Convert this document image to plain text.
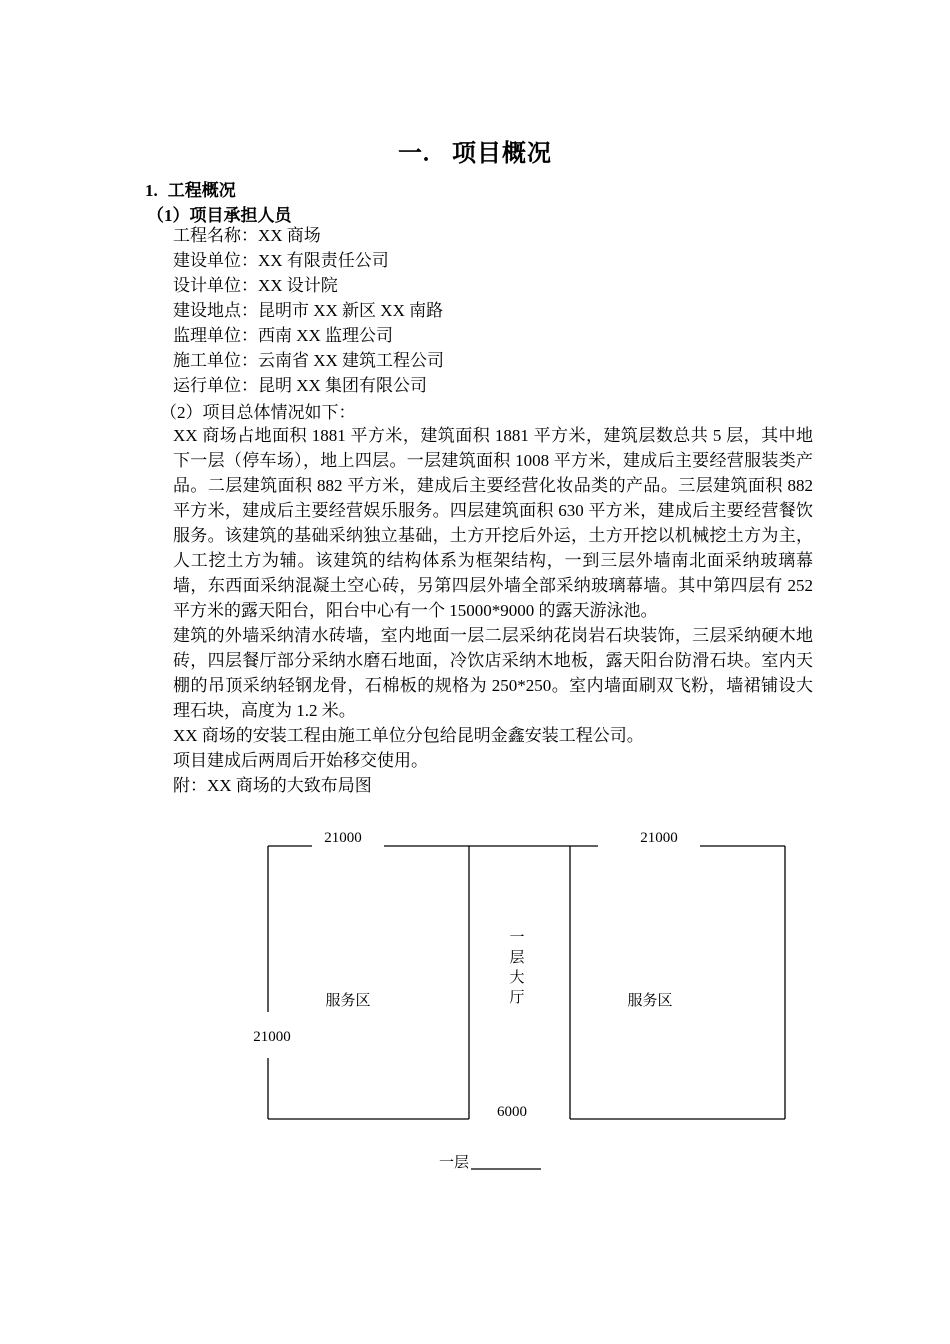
一. 项目概况
1. 工程概况
（1）项目承担人员
工程名称：XX 商场
建设单位：XX 有限责任公司
设计单位：XX 设计院
建设地点：昆明市 XX 新区 XX 南路
监理单位：西南 XX 监理公司
施工单位：云南省 XX 建筑工程公司
运行单位：昆明 XX 集团有限公司
（2）项目总体情况如下：

XX 商场占地面积 1881 平方米，建筑面积 1881 平方米，建筑层数总共 5 层，其中地下一层（停车场），地上四层。一层建筑面积 1008 平方米，建成后主要经营服装类产品。二层建筑面积 882 平方米，建成后主要经营化妆品类的产品。三层建筑面积 882 平方米，建成后主要经营娱乐服务。四层建筑面积 630 平方米，建成后主要经营餐饮服务。该建筑的基础采纳独立基础，土方开挖后外运，土方开挖以机械挖土方为主，人工挖土方为辅。该建筑的结构体系为框架结构，一到三层外墙南北面采纳玻璃幕墙，东西面采纳混凝土空心砖，另第四层外墙全部采纳玻璃幕墙。其中第四层有 252 平方米的露天阳台，阳台中心有一个 15000*9000 的露天游泳池。

建筑的外墙采纳清水砖墙，室内地面一层二层采纳花岗岩石块装饰，三层采纳硬木地砖，四层餐厅部分采纳水磨石地面，冷饮店采纳木地板，露天阳台防滑石块。室内天棚的吊顶采纳轻钢龙骨，石棉板的规格为 250*250。室内墙面刷双飞粉，墙裙铺设大理石块，高度为 1.2 米。

XX 商场的安装工程由施工单位分包给昆明金鑫安装工程公司。

项目建成后两周后开始移交使用。

附：XX 商场的大致布局图

21000	21000
21000
6000
服务区	服务区
一
层
大
厅
一层
